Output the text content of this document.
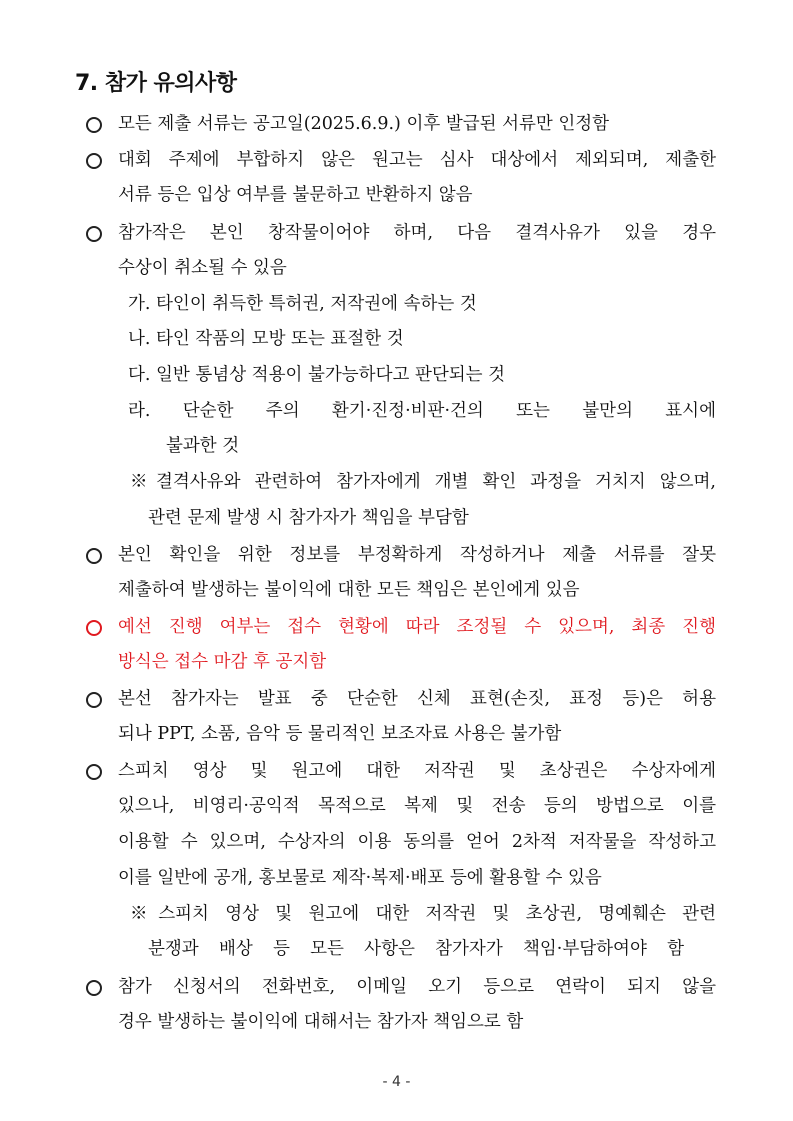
7. 참가 유의사항
모든 제출 서류는 공고일(2025.6.9.) 이후 발급된 서류만 인정함
대회 주제에 부합하지 않은 원고는 심사 대상에서 제외되며, 제출한
서류 등은 입상 여부를 불문하고 반환하지 않음
참가작은 본인 창작물이어야 하며, 다음 결격사유가 있을 경우
수상이 취소될 수 있음
가. 타인이 취득한 특허권, 저작권에 속하는 것
나. 타인 작품의 모방 또는 표절한 것
다. 일반 통념상 적용이 불가능하다고 판단되는 것
라. 단순한 주의 환기·진정·비판·건의 또는 불만의 표시에
불과한 것
※결격사유와 관련하여 참가자에게 개별 확인 과정을 거치지 않으며,
관련 문제 발생 시 참가자가 책임을 부담함
본인 확인을 위한 정보를 부정확하게 작성하거나 제출 서류를 잘못
제출하여 발생하는 불이익에 대한 모든 책임은 본인에게 있음
예선 진행 여부는 접수 현황에 따라 조정될 수 있으며, 최종 진행
방식은 접수 마감 후 공지함
본선 참가자는 발표 중 단순한 신체 표현(손짓, 표정 등)은 허용
되나 PPT, 소품, 음악 등 물리적인 보조자료 사용은 불가함
스피치 영상 및 원고에 대한 저작권 및 초상권은 수상자에게
있으나, 비영리·공익적 목적으로 복제 및 전송 등의 방법으로 이를
이용할 수 있으며, 수상자의 이용 동의를 얻어 2차적 저작물을 작성하고
이를 일반에 공개, 홍보물로 제작·복제·배포 등에 활용할 수 있음
※스피치 영상 및 원고에 대한 저작권 및 초상권, 명예훼손 관련
분쟁과 배상 등 모든 사항은 참가자가 책임·부담하여야 함
참가 신청서의 전화번호, 이메일 오기 등으로 연락이 되지 않을
경우 발생하는 불이익에 대해서는 참가자 책임으로 함
- 4 -
